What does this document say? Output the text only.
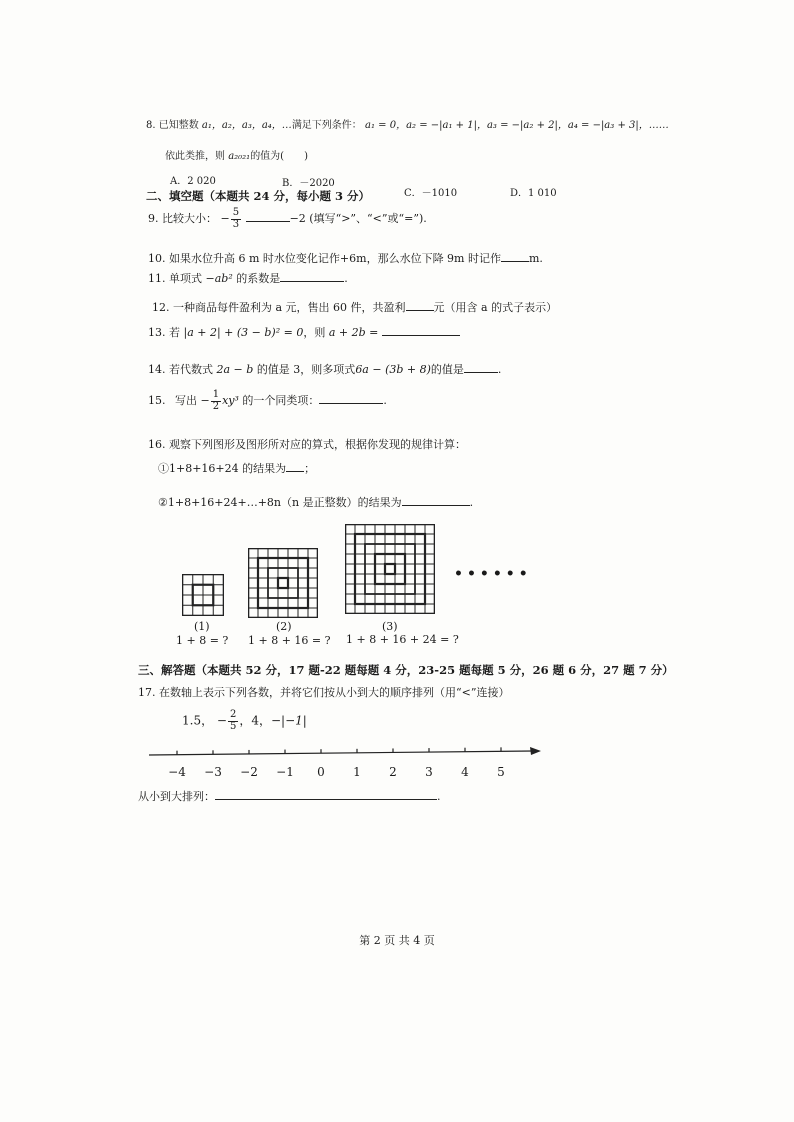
8. 已知整数 a₁，a₂，a₃，a₄，…满足下列条件： a₁ = 0，a₂ = −|a₁ + 1|，a₃ = −|a₂ + 2|，a₄ = −|a₃ + 3|，……
依此类推，则 a₂₀₂₁的值为(　　)
A．2 020	B．－2020
C．－1010	D．1 010
二、填空题（本题共 24 分，每小题 3 分）
9. 比较大小： − $\frac{5}{3}$	−2 (填写“>”、“<”或“=”).
10. 如果水位升高 6 m 时水位变化记作+6m，那么水位下降 9m 时记作	m.
11. 单项式 −ab² 的系数是	.
12. 一种商品每件盈利为 a 元，售出 60 件，共盈利	元（用含 a 的式子表示）
13. 若 |a + 2| + (3 − b)² = 0，则 a + 2b =
14. 若代数式 2a − b 的值是 3，则多项式6a − (3b + 8)的值是	.
15. 写出 − $\frac{1}{2} xy^3$ 的一个同类项：	.
16. 观察下列图形及图形所对应的算式，根据你发现的规律计算：
①1+8+16+24 的结果为 ；
②1+8+16+24+…+8n（n 是正整数）的结果为	.
••••••
(1)
1 + 8 = ?
(2)
1 + 8 + 16 = ?
(3)
1 + 8 + 16 + 24 = ?
三、解答题（本题共 52 分，17 题-22 题每题 4 分，23-25 题每题 5 分，26 题 6 分，27 题 7 分）
17. 在数轴上表示下列各数，并将它们按从小到大的顺序排列（用“<”连接）
1.5， − $\frac{2}{5}$ ，4，−|−1|
−4 −3 −2 −1 0 1 2 3 4 5
从小到大排列：	.
第 2 页 共 4 页
